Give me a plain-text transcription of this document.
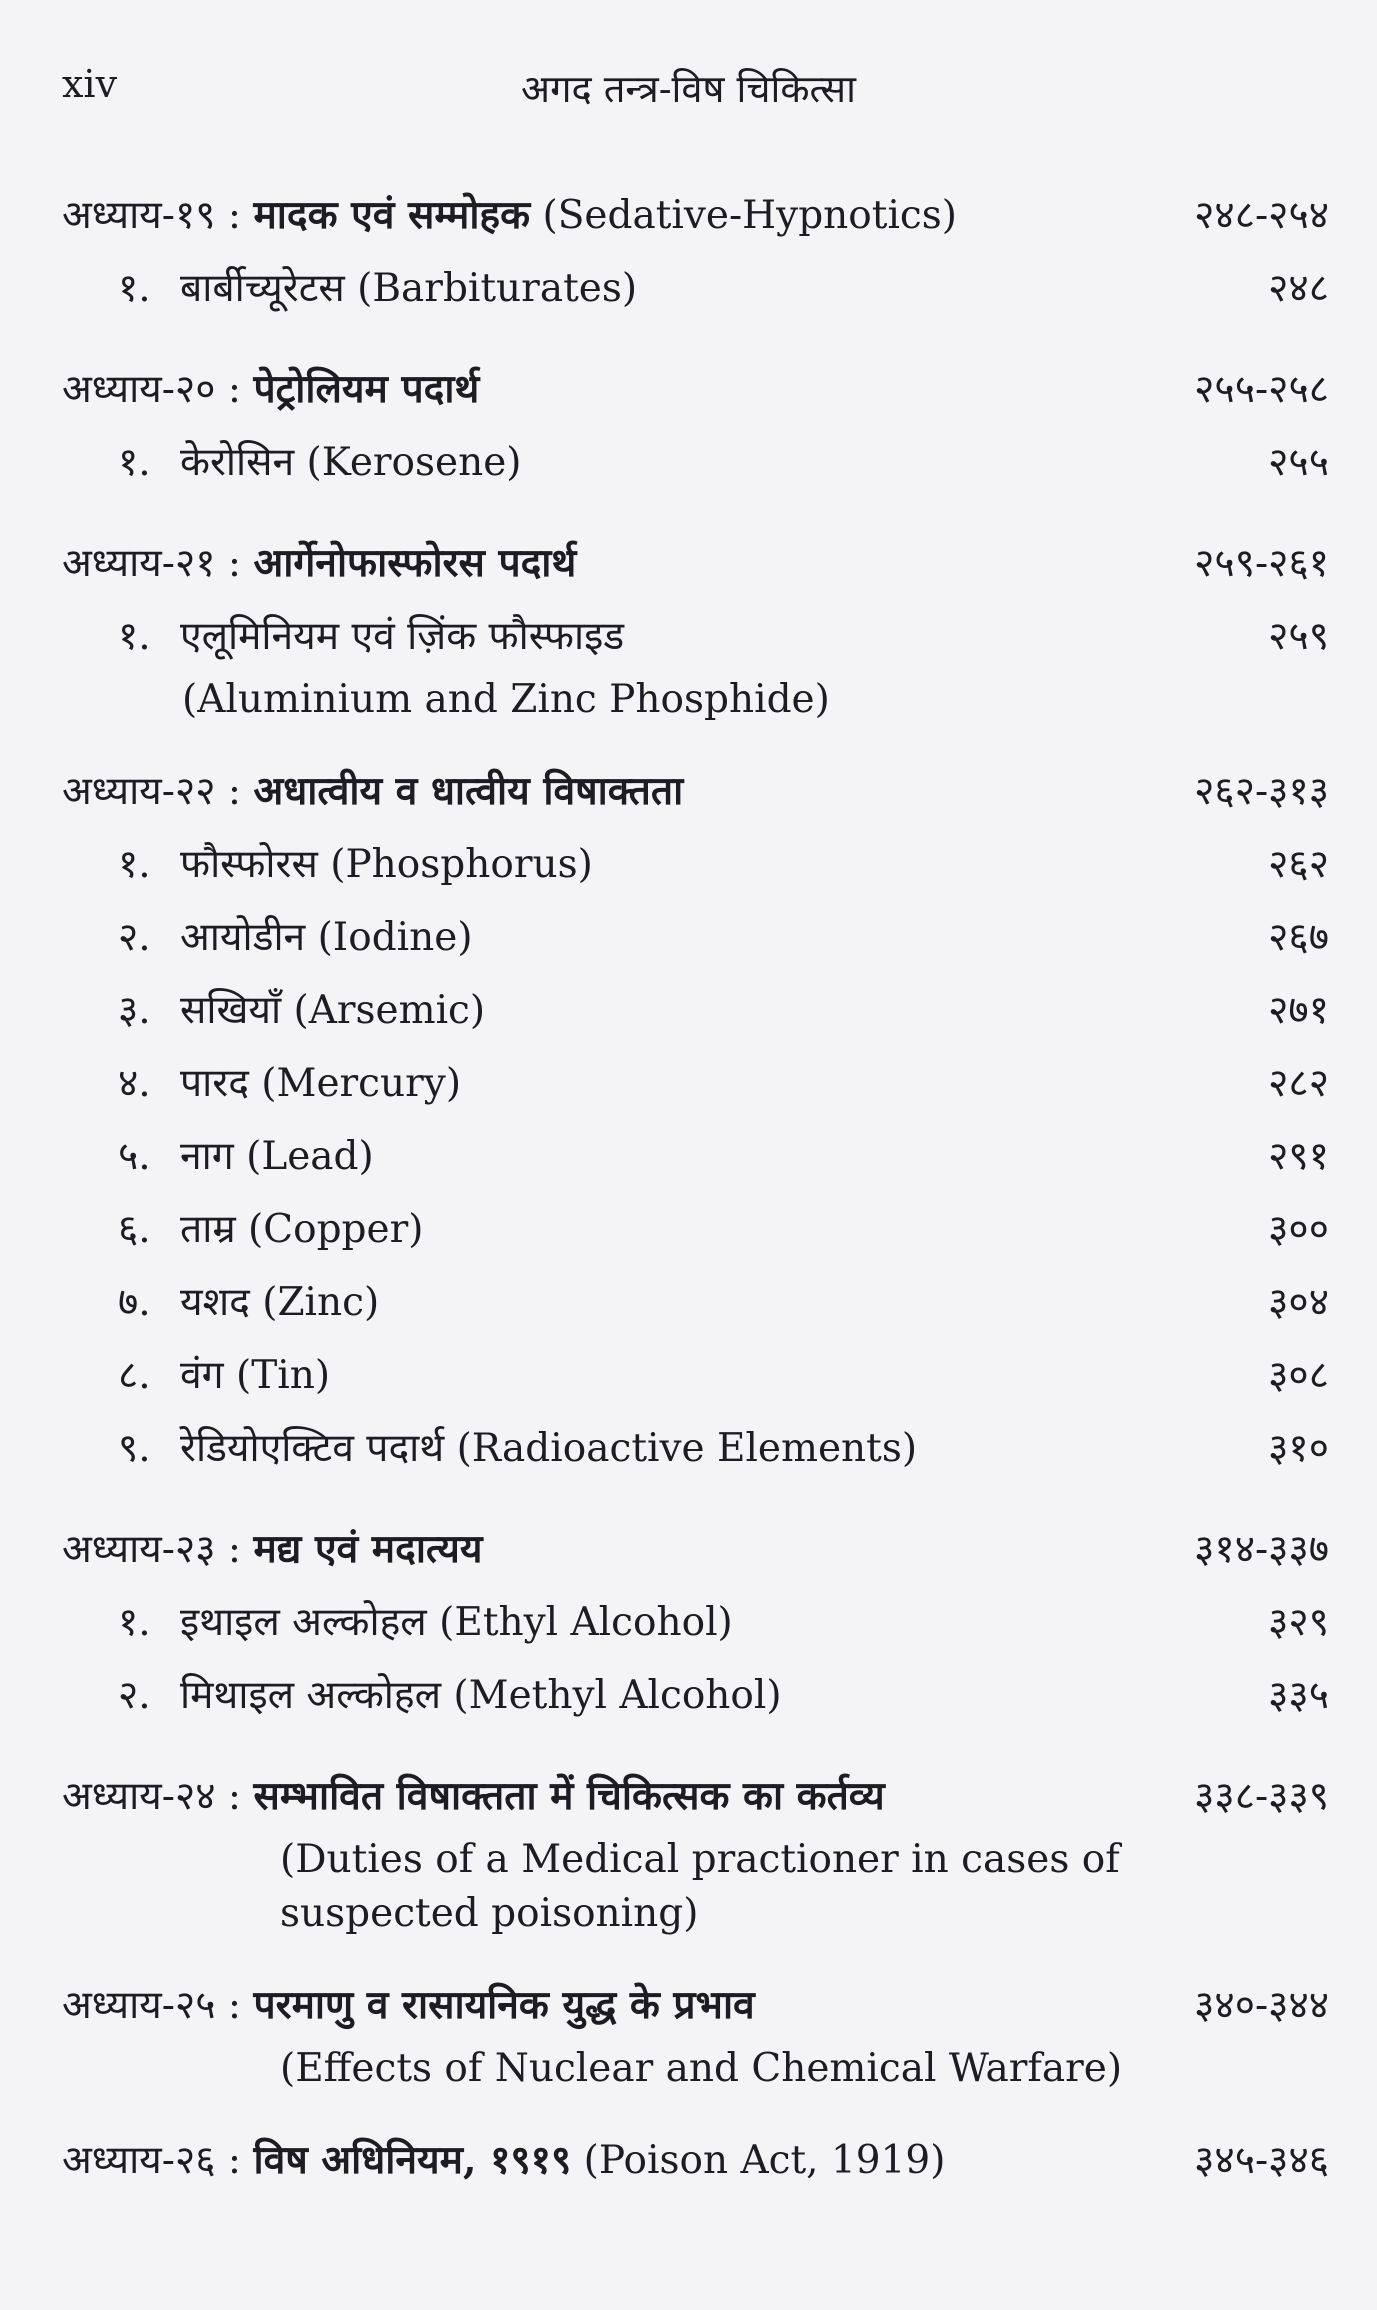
अगद तन्त्र-विष चिकित्सा
xiv
अध्याय-१९ : मादक एवं सम्मोहक (Sedative-Hypnotics)	२४८-२५४
१. बार्बीच्यूरेटस (Barbiturates)	२४८
अध्याय-२० : पेट्रोलियम पदार्थ	२५५-२५८
१. केरोसिन (Kerosene)	२५५
अध्याय-२१ : आर्गेनोफास्फोरस पदार्थ	२५९-२६१
१. एलूमिनियम एवं ज़िंक फौस्फाइड	२५९
(Aluminium and Zinc Phosphide)
अध्याय-२२ : अधात्वीय व धात्वीय विषाक्तता	२६२-३१३
१. फौस्फोरस (Phosphorus)	२६२
२. आयोडीन (Iodine)	२६७
३. सखियाँ (Arsemic)	२७१
४. पारद (Mercury)	२८२
५. नाग (Lead)	२९१
६. ताम्र (Copper)	३००
७. यशद (Zinc)	३०४
८. वंग (Tin)	३०८
९. रेडियोएक्टिव पदार्थ (Radioactive Elements)	३१०
अध्याय-२३ : मद्य एवं मदात्यय	३१४-३३७
१. इथाइल अल्कोहल (Ethyl Alcohol)	३२९
२. मिथाइल अल्कोहल (Methyl Alcohol)	३३५
अध्याय-२४ : सम्भावित विषाक्तता में चिकित्सक का कर्तव्य	३३८-३३९
(Duties of a Medical practioner in cases of
suspected poisoning)
अध्याय-२५ : परमाणु व रासायनिक युद्ध के प्रभाव	३४०-३४४
(Effects of Nuclear and Chemical Warfare)
अध्याय-२६ : विष अधिनियम, १९१९ (Poison Act, 1919)	३४५-३४६
